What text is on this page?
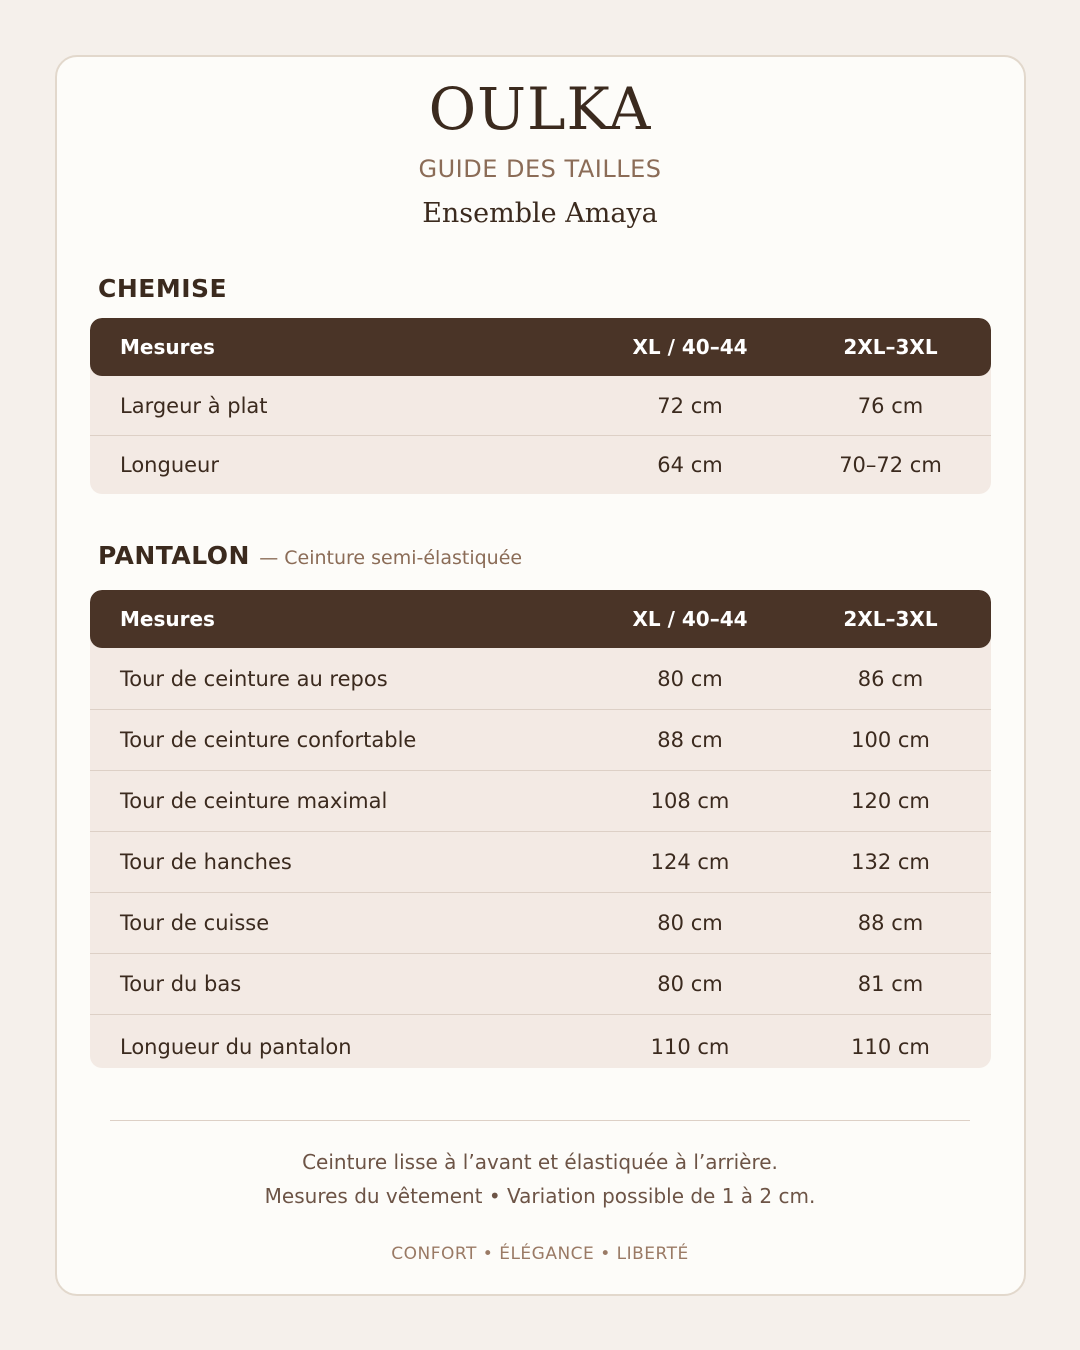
OULKA
GUIDE DES TAILLES
Ensemble Amaya
CHEMISE
Mesures	XL / 40–44	2XL–3XL
Largeur à plat	72 cm	76 cm
Longueur	64 cm	70–72 cm
PANTALON — Ceinture semi-élastiquée
Mesures	XL / 40–44	2XL–3XL
Tour de ceinture au repos	80 cm	86 cm
Tour de ceinture confortable	88 cm	100 cm
Tour de ceinture maximal	108 cm	120 cm
Tour de hanches	124 cm	132 cm
Tour de cuisse	80 cm	88 cm
Tour du bas	80 cm	81 cm
Longueur du pantalon	110 cm	110 cm
Ceinture lisse à l’avant et élastiquée à l’arrière.
Mesures du vêtement • Variation possible de 1 à 2 cm.
CONFORT • ÉLÉGANCE • LIBERTÉ
